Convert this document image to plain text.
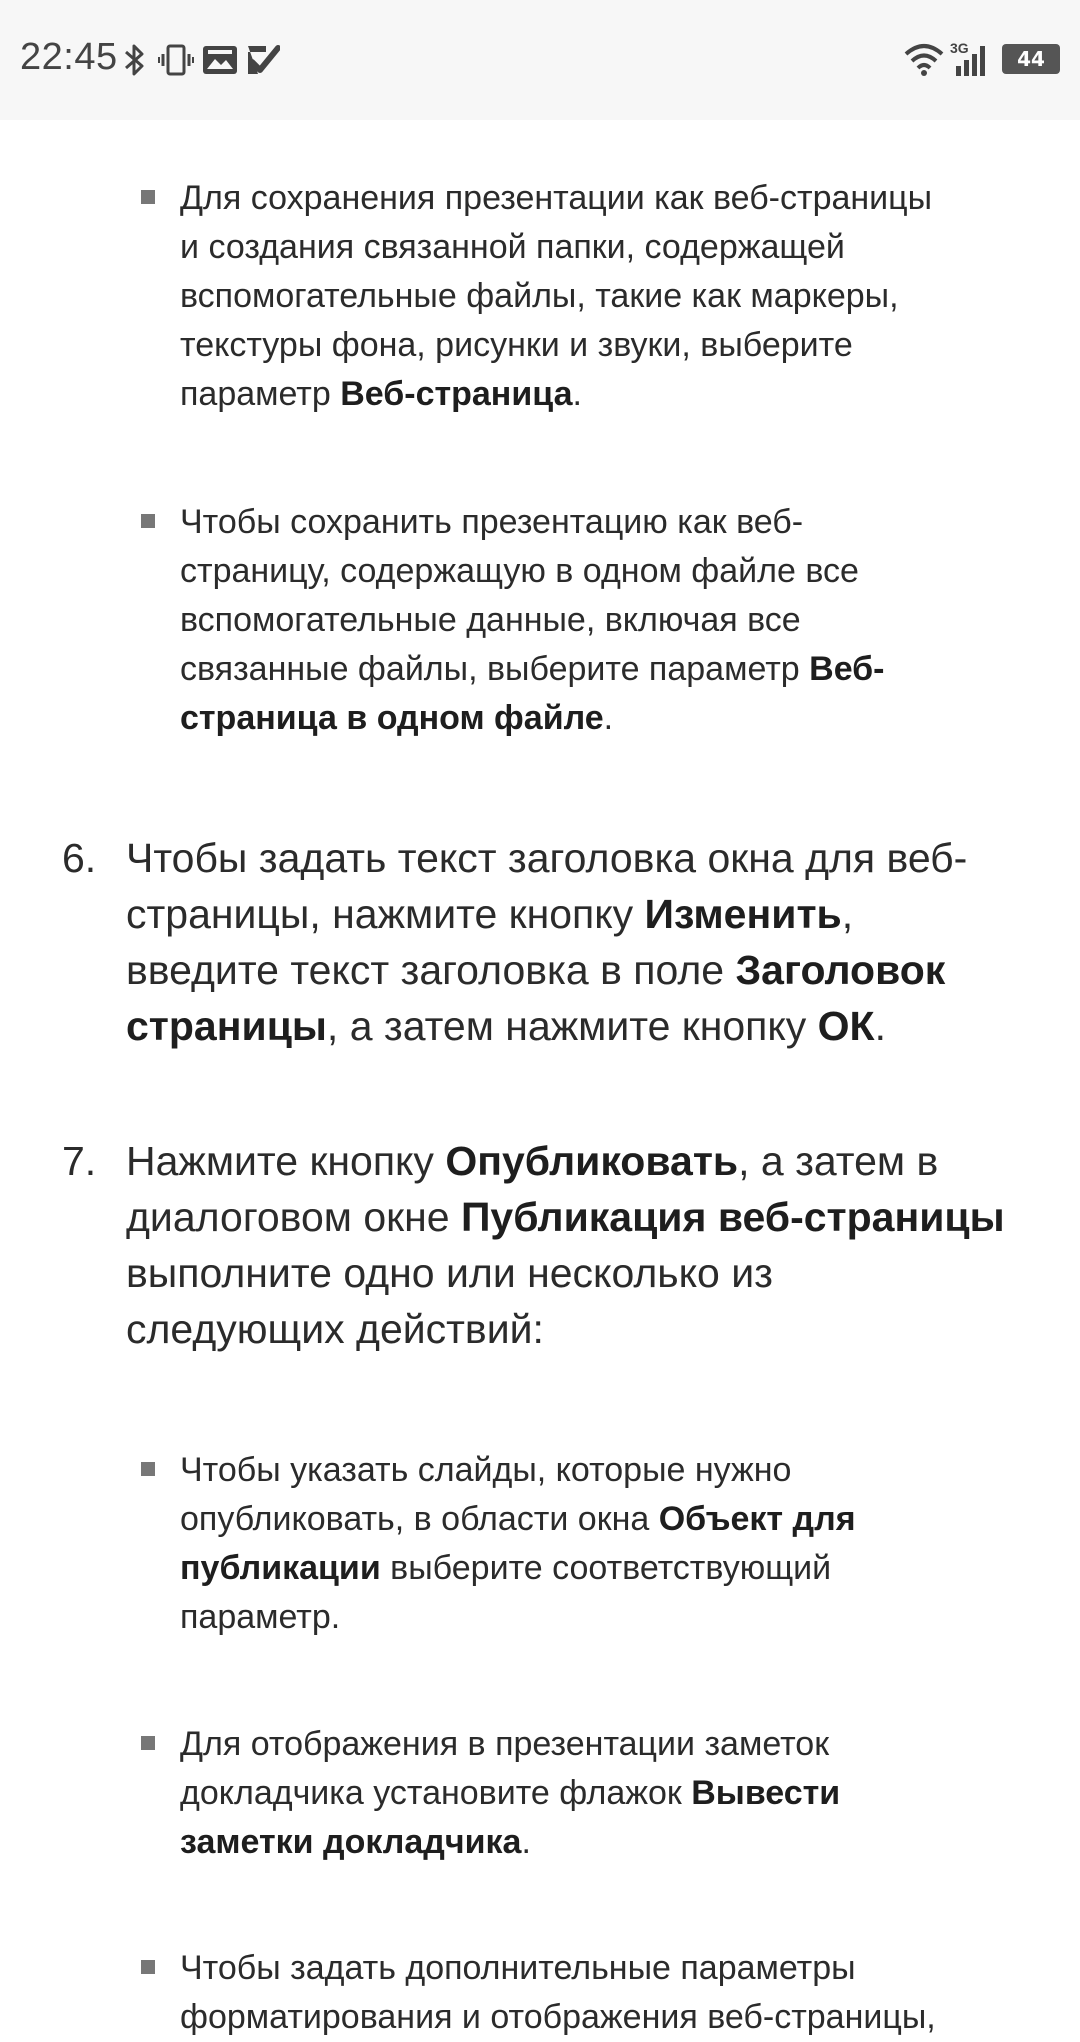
22:45	3G	44
Для сохранения презентации как веб-страницы
и создания связанной папки, содержащей
вспомогательные файлы, такие как маркеры,
текстуры фона, рисунки и звуки, выберите
параметр Веб-страница.
Чтобы сохранить презентацию как веб-
страницу, содержащую в одном файле все
вспомогательные данные, включая все
связанные файлы, выберите параметр Веб-
страница в одном файле.
6. Чтобы задать текст заголовка окна для веб-
страницы, нажмите кнопку Изменить,
введите текст заголовка в поле Заголовок
страницы, а затем нажмите кнопку ОК.
7. Нажмите кнопку Опубликовать, а затем в
диалоговом окне Публикация веб-страницы
выполните одно или несколько из
следующих действий:
Чтобы указать слайды, которые нужно
опубликовать, в области окна Объект для
публикации выберите соответствующий
параметр.
Для отображения в презентации заметок
докладчика установите флажок Вывести
заметки докладчика.
Чтобы задать дополнительные параметры
форматирования и отображения веб-страницы,
